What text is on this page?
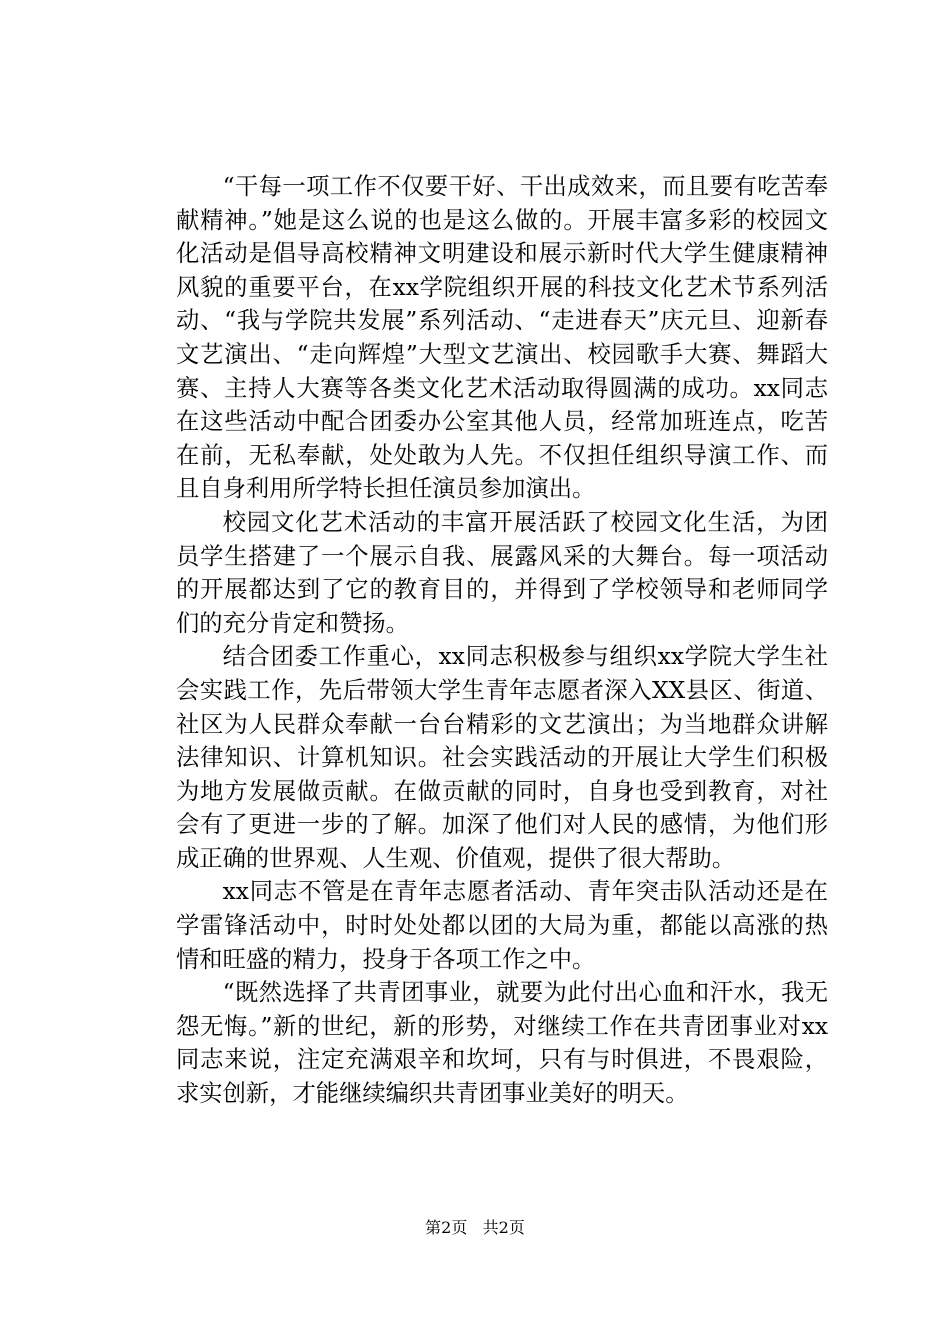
“干每一项工作不仅要干好、干出成效来，而且要有吃苦奉献精神。”她是这么说的也是这么做的。开展丰富多彩的校园文化活动是倡导高校精神文明建设和展示新时代大学生健康精神风貌的重要平台，在xx学院组织开展的科技文化艺术节系列活动、“我与学院共发展”系列活动、“走进春天”庆元旦、迎新春文艺演出、“走向辉煌”大型文艺演出、校园歌手大赛、舞蹈大赛、主持人大赛等各类文化艺术活动取得圆满的成功。xx同志在这些活动中配合团委办公室其他人员，经常加班连点，吃苦在前，无私奉献，处处敢为人先。不仅担任组织导演工作、而且自身利用所学特长担任演员参加演出。

校园文化艺术活动的丰富开展活跃了校园文化生活，为团员学生搭建了一个展示自我、展露风采的大舞台。每一项活动的开展都达到了它的教育目的，并得到了学校领导和老师同学们的充分肯定和赞扬。

结合团委工作重心，xx同志积极参与组织xx学院大学生社会实践工作，先后带领大学生青年志愿者深入XX县区、街道、社区为人民群众奉献一台台精彩的文艺演出；为当地群众讲解法律知识、计算机知识。社会实践活动的开展让大学生们积极为地方发展做贡献。在做贡献的同时，自身也受到教育，对社会有了更进一步的了解。加深了他们对人民的感情，为他们形成正确的世界观、人生观、价值观，提供了很大帮助。

xx同志不管是在青年志愿者活动、青年突击队活动还是在学雷锋活动中，时时处处都以团的大局为重，都能以高涨的热情和旺盛的精力，投身于各项工作之中。

“既然选择了共青团事业，就要为此付出心血和汗水，我无怨无悔。”新的世纪，新的形势，对继续工作在共青团事业对xx同志来说，注定充满艰辛和坎坷，只有与时俱进，不畏艰险，求实创新，才能继续编织共青团事业美好的明天。

第2页 共2页
